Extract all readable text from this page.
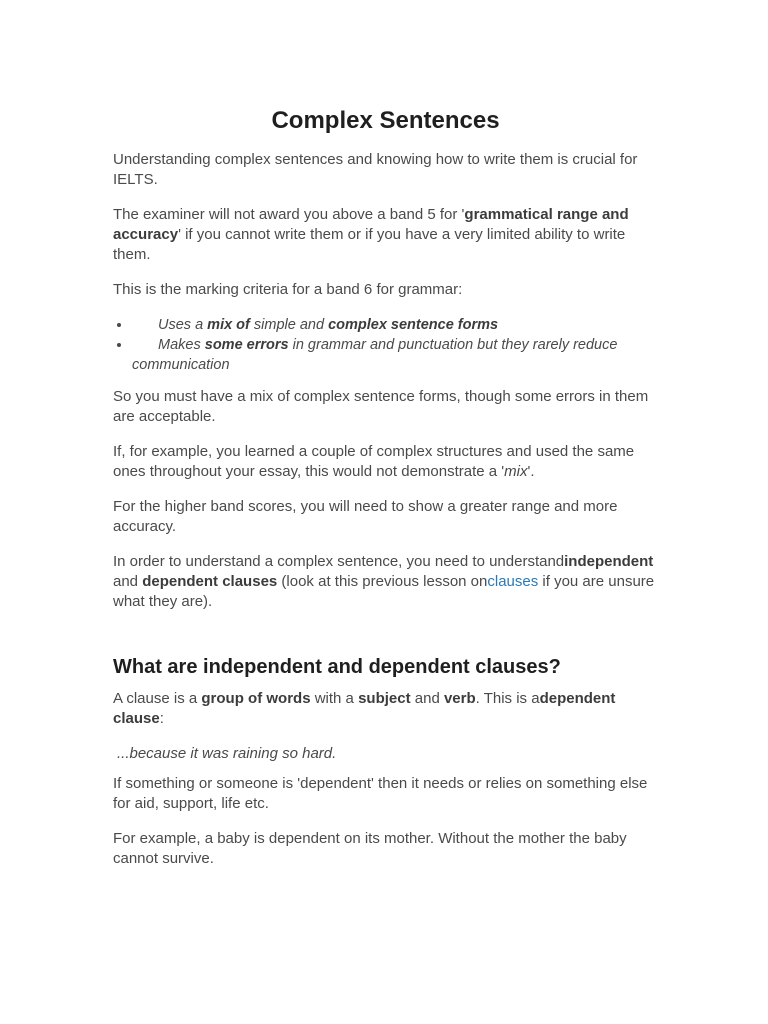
Complex Sentences

Understanding complex sentences and knowing how to write them is crucial for IELTS.

The examiner will not award you above a band 5 for 'grammatical range and accuracy' if you cannot write them or if you have a very limited ability to write them.

This is the marking criteria for a band 6 for grammar:

• Uses a mix of simple and complex sentence forms
• Makes some errors in grammar and punctuation but they rarely reduce communication

So you must have a mix of complex sentence forms, though some errors in them are acceptable.

If, for example, you learned a couple of complex structures and used the same ones throughout your essay, this would not demonstrate a 'mix'.

For the higher band scores, you will need to show a greater range and more accuracy.

In order to understand a complex sentence, you need to understandindependent and dependent clauses (look at this previous lesson onclauses if you are unsure what they are).

What are independent and dependent clauses?

A clause is a group of words with a subject and verb. This is adependent clause:

...because it was raining so hard.

If something or someone is 'dependent' then it needs or relies on something else for aid, support, life etc.

For example, a baby is dependent on its mother. Without the mother the baby cannot survive.
